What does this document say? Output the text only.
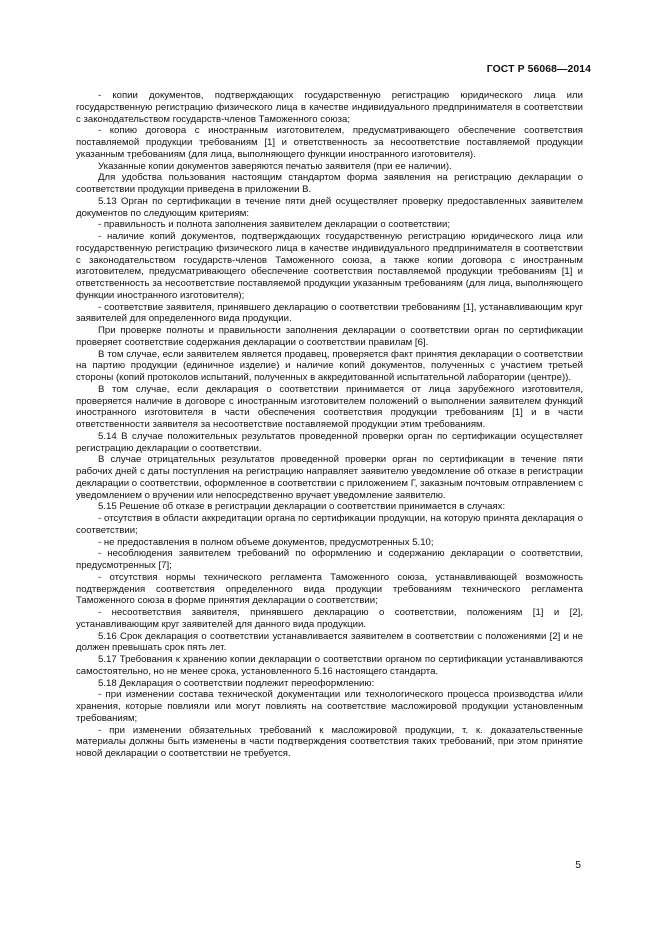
ГОСТ Р 56068—2014

- копии документов, подтверждающих государственную регистрацию юридического лица или государственную регистрацию физического лица в качестве индивидуального предпринимателя в соответствии с законодательством государств-членов Таможенного союза;

- копию договора с иностранным изготовителем, предусматривающего обеспечение соответствия поставляемой продукции требованиям [1] и ответственность за несоответствие поставляемой продукции указанным требованиям (для лица, выполняющего функции иностранного изготовителя).

Указанные копии документов заверяются печатью заявителя (при ее наличии).

Для удобства пользования настоящим стандартом форма заявления на регистрацию декларации о соответствии продукции приведена в приложении В.

5.13 Орган по сертификации в течение пяти дней осуществляет проверку предоставленных заявителем документов по следующим критериям:

- правильность и полнота заполнения заявителем декларации о соответствии;

- наличие копий документов, подтверждающих государственную регистрацию юридического лица или государственную регистрацию физического лица в качестве индивидуального предпринимателя в соответствии с законодательством государств-членов Таможенного союза, а также копии договора с иностранным изготовителем, предусматривающего обеспечение соответствия поставляемой продукции требованиям [1] и ответственность за несоответствие поставляемой продукции указанным требованиям (для лица, выполняющего функции иностранного изготовителя);

- соответствие заявителя, принявшего декларацию о соответствии требованиям [1], устанавливающим круг заявителей для определенного вида продукции.

При проверке полноты и правильности заполнения декларации о соответствии орган по сертификации проверяет соответствие содержания декларации о соответствии правилам [6].

В том случае, если заявителем является продавец, проверяется факт принятия декларации о соответствии на партию продукции (единичное изделие) и наличие копий документов, полученных с участием третьей стороны (копий протоколов испытаний, полученных в аккредитованной испытательной лаборатории (центре)).

В том случае, если декларация о соответствии принимается от лица зарубежного изготовителя, проверяется наличие в договоре с иностранным изготовителем положений о выполнении заявителем функций иностранного изготовителя в части обеспечения соответствия продукции требованиям [1] и в части ответственности заявителя за несоответствие поставляемой продукции этим требованиям.

5.14 В случае положительных результатов проведенной проверки орган по сертификации осуществляет регистрацию декларации о соответствии.

В случае отрицательных результатов проведенной проверки орган по сертификации в течение пяти рабочих дней с даты поступления на регистрацию направляет заявителю уведомление об отказе в регистрации декларации о соответствии, оформленное в соответствии с приложением Г, заказным почтовым отправлением с уведомлением о вручении или непосредственно вручает уведомление заявителю.

5.15 Решение об отказе в регистрации декларации о соответствии принимается в случаях:

- отсутствия в области аккредитации органа по сертификации продукции, на которую принята декларация о соответствии;

- не предоставления в полном объеме документов, предусмотренных 5.10;

- несоблюдения заявителем требований по оформлению и содержанию декларации о соответствии, предусмотренных [7];

- отсутствия нормы технического регламента Таможенного союза, устанавливающей возможность подтверждения соответствия определенного вида продукции требованиям технического регламента Таможенного союза в форме принятия декларации о соответствии;

- несоответствия заявителя, принявшего декларацию о соответствии, положениям [1] и [2], устанавливающим круг заявителей для данного вида продукции.

5.16 Срок декларация о соответствии устанавливается заявителем в соответствии с положениями [2] и не должен превышать срок пять лет.

5.17 Требования к хранению копии декларации о соответствии органом по сертификации устанавливаются самостоятельно, но не менее срока, установленного 5.16 настоящего стандарта.

5.18 Декларация о соответствии подлежит переоформлению:

- при изменении состава технической документации или технологического процесса производства и/или хранения, которые повлияли или могут повлиять на соответствие масложировой продукции установленным требованиям;

- при изменении обязательных требований к масложировой продукции, т. к. доказательственные материалы должны быть изменены в части подтверждения соответствия таких требований, при этом принятие новой декларации о соответствии не требуется.

5
